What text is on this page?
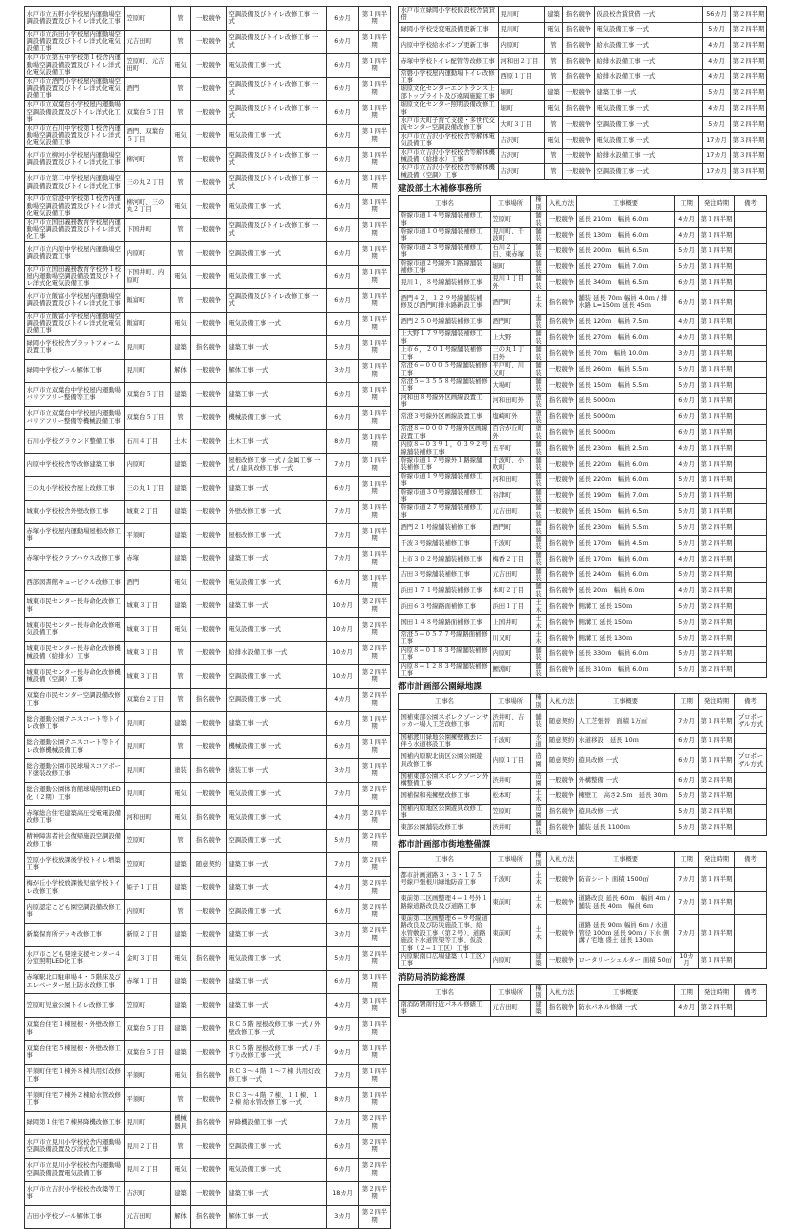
水戸市立五軒小学校屋内運動場空調設備設置及びトイレ洋式化工事	笠原町	管	一般競争	空調設備及びトイレ改修工事 一式	6カ月	第１四半期
水戸市立浜田小学校屋内運動場空調設備設置及びトイレ洋式化電気設備工事	元吉田町	管	一般競争	空調設備及びトイレ改修工事 一式	6カ月	第１四半期
水戸市立第五中学校第１校舎内運動場空調設備設置及びトイレ洋式化電気設備工事	笠原町、元吉田町	電気	一般競争	電気設備工事 一式	6カ月	第１四半期
水戸市立酒門小学校屋内運動場空調設備設置及びトイレ洋式化電気設備工事	酒門	管	一般競争	空調設備及びトイレ改修工事 一式	6カ月	第１四半期
水戸市立双葉台小学校屋内運動場空調設備設置及びトイレ洋式化工事	双葉台５丁目	管	一般競争	空調設備及びトイレ改修工事 一式	6カ月	第１四半期
水戸市立石川中学校第１校舎内運動場空調設備設置及びトイレ洋式化電気設備工事	酒門、双葉台５丁目	電気	一般競争	電気設備工事 一式	6カ月	第１四半期
水戸市立柳河小学校屋内運動場空調設備設置及びトイレ洋式化工事	柳河町	管	一般競争	空調設備及びトイレ改修工事 一式	6カ月	第１四半期
水戸市立第二中学校屋内運動場空調設備設置及びトイレ洋式化工事	三の丸２丁目	管	一般競争	空調設備及びトイレ改修工事 一式	6カ月	第１四半期
水戸市立常澄中学校第１校舎内運動場空調設備設置及びトイレ洋式化電気設備工事	柳河町、三の丸２丁目	電気	一般競争	電気設備工事 一式	6カ月	第１四半期
水戸市立国田義務教育学校屋内運動場空調設備設置及びトイレ洋式化工事	下国井町	管	一般競争	空調設備及びトイレ改修工事 一式	6カ月	第１四半期
水戸市立内原中学校屋内運動場空調設備設置工事	内原町	管	一般競争	空調設備工事 一式	6カ月	第１四半期
水戸市立国田義務教育学校外１校屋内運動場空調設備設置及びトイレ洋式化電気設備工事	下国井町、内原町	電気	一般競争	電気設備工事 一式	6カ月	第１四半期
水戸市立飯富小学校屋内運動場空調設備設置及びトイレ洋式化工事	飯富町	管	一般競争	空調設備及びトイレ改修工事 一式	6カ月	第１四半期
水戸市立飯富小学校屋内運動場空調設備設置及びトイレ洋式化電気設備工事	飯富町	電気	一般競争	電気設備工事 一式	6カ月	第１四半期
緑岡小学校校舎プラットフォーム設置工事	見川町	建築	指名競争	建築工事 一式	5カ月	第１四半期
緑岡中学校プール解体工事	見川町	解体	一般競争	解体工事 一式	3カ月	第１四半期
水戸市立双葉台中学校屋内運動場バリアフリー整備等工事	双葉台５丁目	建築	一般競争	建築工事 一式	6カ月	第１四半期
水戸市立双葉台中学校屋内運動場バリアフリー整備等機械設備工事	双葉台５丁目	管	一般競争	機械設備工事 一式	6カ月	第１四半期
石川小学校グラウンド整備工事	石川４丁目	土木	一般競争	土木工事 一式	8カ月	第１四半期
内原中学校校舎等改修建築工事	内原町	建築	一般競争	屋根改修工事 一式 / 金属工事 一式 / 建具改修工事 一式	7カ月	第１四半期
三の丸小学校校舎屋上改修工事	三の丸１丁目	建築	一般競争	建築工事 一式	6カ月	第１四半期
城東小学校校舎外壁改修工事	城東２丁目	建築	一般競争	外壁改修工事 一式	7カ月	第１四半期
赤塚小学校屋内運動場屋根改修工事	平須町	建築	一般競争	屋根改修工事 一式	7カ月	第１四半期
赤塚中学校クラブハウス改修工事	赤塚	建築	一般競争	建築工事 一式	7カ月	第１四半期
西部図書館キュービクル改修工事	酒門	電気	一般競争	電気設備工事 一式	6カ月	第１四半期
城東市民センター長寿命化改修工事	城東３丁目	建築	一般競争	建築工事 一式	10カ月	第２四半期
城東市民センター長寿命化改修電気設備工事	城東３丁目	電気	一般競争	電気設備工事 一式	10カ月	第２四半期
城東市民センター長寿命化改修機械設備（給排水）工事	城東３丁目	管	一般競争	給排水設備工事 一式	10カ月	第２四半期
城東市民センター長寿命化改修機械設備（空調）工事	城東３丁目	管	一般競争	空調設備工事 一式	10カ月	第２四半期
双葉台市民センター空調設備改修工事	双葉台２丁目	管	指名競争	空調設備工事 一式	4カ月	第２四半期
総合運動公園テニスコート等トイレ改修工事	見川町	建築	一般競争	建築工事 一式	6カ月	第１四半期
総合運動公園テニスコート等トイレ改修機械設備工事	見川町	管	一般競争	機械設備工事 一式	6カ月	第１四半期
総合運動公園市民球場スコアボード塗装改修工事	見川町	塗装	指名競争	塗装工事 一式	3カ月	第１四半期
総合運動公園体育館球場照明LED化（２期）工事	見川町	電気	一般競争	電気設備工事 一式	7カ月	第２四半期
赤塚総合住宅建築高圧受電電設備改修工事	河和田町	電気	指名競争	電気設備工事 一式	4カ月	第２四半期
精神障害者社会復帰施設空調設備改修工事	笠原町	管	指名競争	空調設備工事 一式	5カ月	第２四半期
笠原小学校放課後学校トイレ増築工事	笠原町	建築	随意契約	建築工事 一式	7カ月	第２四半期
梅が丘小学校放課後児童学校トイレ改修工事	姫子１丁目	建築	一般競争	建築工事 一式	4カ月	第２四半期
内原認定こども園空調設備改修工事	内原町	管	一般競争	空調設備工事 一式	6カ月	第２四半期
新葉保育所デッキ改修工事	新原２丁目	建築	一般競争	建築工事 一式	3カ月	第２四半期
水戸市こども発達支援センター４分室照明LED化工事	金町３丁目	電気	指名競争	電気設備工事 一式	5カ月	第２四半期
赤塚駅北口駐車場４・５階床及びエレベーター屋上防水改修工事	赤塚１丁目	建築	一般競争	建築工事 一式	6カ月	第１四半期
笠原町児童公園トイレ改修工事	笠原町	建築	一般競争	建築工事 一式	4カ月	第１四半期
双葉台住宅１棟屋根・外壁改修工事	双葉台５丁目	建築	一般競争	ＲＣ５階 屋根改修工事 一式 / 外壁改修工事 一式	9カ月	第１四半期
双葉台住宅５棟屋根・外壁改修工事	双葉台５丁目	建築	一般競争	ＲＣ５階 屋根改修工事 一式 / 手すり改修工事 一式	9カ月	第１四半期
平須町住宅１棟外８棟共用灯改修工事	平須町	電気	指名競争	ＲＣ３〜４階 １〜７棟 共用灯改修工事 一式	7カ月	第１四半期
平須町住宅７棟外２棟給水管改修工事	平須町	管	一般競争	ＲＣ３〜４階 ７棟、１１棟、１２棟 給水管改修工事 一式	8カ月	第１四半期
緑岡第１住宅７棟昇降機改修工事	見川町	機械器具	指名競争	昇降機設備工事 一式	7カ月	第２四半期
水戸市立見川小学校校舎内運動場空調設備設置及び洋式化工事	見川２丁目	管	一般競争	空調設備工事 一式	6カ月	第２四半期
水戸市立見川小学校校舎内運動場空調設備設置電気設備工事	見川２丁目	電気	一般競争	電気設備工事 一式	6カ月	第２四半期
水戸市立吉沢小学校校舎改築等工事	吉沢町	建築	一般競争	建築工事 一式	18カ月	第２四半期
吉田小学校プール解体工事	元吉田町	解体	指名競争	解体工事 一式	3カ月	第２四半期
水戸市立緑岡小学校仮設校舎賃貸借	見川町	建築	指名競争	仮設校舎賃貸借 一式	56カ月	第２四半期
緑岡小学校受変電設備更新工事	見川町	電気	指名競争	電気設備工事 一式	5カ月	第２四半期
内原中学校給水ポンプ更新工事	内原町	管	指名競争	給水設備工事 一式	4カ月	第２四半期
赤塚中学校トイレ配管等改修工事	河和田２丁目	管	指名競争	給排水設備工事 一式	4カ月	第２四半期
常磐小学校屋内運動場トイレ改修工事	西原１丁目	管	指名競争	給排水設備工事 一式	4カ月	第２四半期
堀原文化センターエントランス上部トップライト及び遠隔施錠工事	堀町	建築	一般競争	建築工事 一式	5カ月	第２四半期
堀原文化センター照明設備改修工事	堀町	電気	指名競争	電気設備工事 一式	4カ月	第２四半期
水戸市大町子育て支援・多世代交流センター空調設備改修工事	大町３丁目	管	一般競争	空調設備工事 一式	5カ月	第２四半期
水戸市立吉沢小学校校舎等解体電気設備工事	吉沢町	電気	一般競争	電気設備工事 一式	17カ月	第３四半期
水戸市立吉沢小学校校舎等解体機械設備（給排水）工事	吉沢町	管	一般競争	給排水設備工事 一式	17カ月	第３四半期
水戸市立吉沢小学校校舎等解体機械設備（空調）工事	吉沢町	管	一般競争	空調設備工事 一式	17カ月	第３四半期
建設部土木補修事務所
工事名	工事場所	種別	入札方法	工事概要	工期	発注時期	備考
幹線市道１４号線舗装補修工事	笠原町	舗装	一般競争	延長 210ｍ　幅員 6.0ｍ	4カ月	第１四半期	
幹線市道１０号線舗装補修工事	見川町、千波町	舗装	一般競争	延長 130ｍ　幅員 6.0ｍ	4カ月	第１四半期	
幹線市道２３号線舗装補修工事	石川２丁目、東赤塚	舗装	一般競争	延長 200ｍ　幅員 6.5ｍ	5カ月	第１四半期	
幹線市道２号線外１路線舗装補修工事	堀町	舗装	一般競争	延長 270ｍ　幅員 7.0ｍ	5カ月	第１四半期	
見川１，８号線舗装補修工事	見川１丁目外	舗装	一般競争	延長 340ｍ　幅員 6.5ｍ	6カ月	第１四半期	
酒門４２，１２９号線舗装補修及び酒門町排水路新設工事	酒門町	土木	指名競争	舗装 延長 70ｍ 幅員 4.0ｍ / 排水路 L=150ｍ 延長 45ｍ	6カ月	第１四半期	
酒門２５０号線舗装補修工事	酒門町	舗装	指名競争	延長 120ｍ　幅員 7.5ｍ	4カ月	第１四半期	
上大野１７９号線舗装補修工事	上大野	舗装	指名競争	延長 270ｍ　幅員 6.0ｍ	4カ月	第１四半期	
上市６，２０１号線舗装補修工事	三の丸１丁目外	舗装	指名競争	延長 70ｍ　幅員 10.0ｍ	3カ月	第１四半期	
常澄６−０００５号線舗装補修工事	平戸町、川又町	舗装	一般競争	延長 260ｍ　幅員 5.5ｍ	5カ月	第１四半期	
常澄５−３５５８号線舗装補修工事	大場町	舗装	一般競争	延長 150ｍ　幅員 5.5ｍ	5カ月	第１四半期	
河和田８号線外区画線設置工事	河和田町外	塗装	指名競争	延長 5000ｍ	6カ月	第１四半期	
常澄３号線外区画線設置工事	塩崎町外	塗装	指名競争	延長 5000ｍ	6カ月	第１四半期	
常澄８−０００７号線外区画線設置工事	百合が丘町外	塗装	指名競争	延長 5000ｍ	6カ月	第１四半期	
内原８−０３９１，０３９２号線舗装補修工事	五平町	舗装	指名競争	延長 230ｍ　幅員 2.5ｍ	4カ月	第１四半期	
幹線市道１７号線外１路線舗装補修工事	千波町、小吹町	舗装	一般競争	延長 220ｍ　幅員 6.0ｍ	4カ月	第１四半期	
幹線市道１９号線舗装補修工事	河和田町	舗装	一般競争	延長 220ｍ　幅員 6.0ｍ	5カ月	第１四半期	
幹線市道３０号線舗装補修工事	谷津町	舗装	一般競争	延長 190ｍ　幅員 7.0ｍ	5カ月	第１四半期	
幹線市道２７号線舗装補修工事	元吉田町	舗装	一般競争	延長 150ｍ　幅員 6.5ｍ	5カ月	第１四半期	
酒門２１号線舗装補修工事	酒門町	舗装	指名競争	延長 230ｍ　幅員 5.5ｍ	5カ月	第２四半期	
千波３号線舗装補修工事	千波町	舗装	指名競争	延長 170ｍ　幅員 4.5ｍ	5カ月	第２四半期	
上市３０２号線舗装補修工事	梅香２丁目	舗装	指名競争	延長 170ｍ　幅員 6.0ｍ	4カ月	第２四半期	
吉田３号線舗装補修工事	元吉田町	舗装	指名競争	延長 240ｍ　幅員 6.0ｍ	5カ月	第２四半期	
浜田１７１号線舗装補修工事	本町２丁目	舗装	指名競争	延長 20ｍ　幅員 6.0ｍ	4カ月	第２四半期	
浜田６３号線路面補修工事	浜田１丁目	土木	指名競争	側溝工 延長 150ｍ	5カ月	第２四半期	
国田１４８号線路面補修工事	上国井町	土木	指名競争	側溝工 延長 150ｍ	5カ月	第２四半期	
常澄５−０５７７号線路面補修工事	川又町	土木	指名競争	側溝工 延長 130ｍ	5カ月	第２四半期	
内原８−０１８３号線舗装補修工事	内原町	舗装	指名競争	延長 330ｍ　幅員 6.0ｍ	5カ月	第２四半期	
内原８−１２８３号線舗装補修工事	鯉淵町	舗装	指名競争	延長 310ｍ　幅員 6.0ｍ	5カ月	第２四半期	
都市計画部公園緑地課
工事名	工事場所	種別	入札方法	工事概要	工期	発注時期	備考
国補東部公園スポレクゾーンサッカー場人工芝改修工事	渋井町、吉沼町	舗装	随意契約	人工芝張替　面積 1万㎡	7カ月	第１四半期	プロポーザル方式
国補渡川緑地公園擁壁撤去に伴う水道移設工事	千波町	水道	随意契約	水道移設　延長 10ｍ	6カ月	第１四半期	
国補内原駅北街区公園公園遊具改修工事	内原１丁目	造園	随意契約	遊具改修 一式	6カ月	第１四半期	プロポーザル方式
国補東部公園スポレクゾーン外構整備工事	渋井町	造園	一般競争	外構整備 一式	6カ月	第２四半期	
国補保和苑擁壁改修工事	松本町	土木	一般競争	擁壁工　高さ2.5ｍ　延長 30ｍ	5カ月	第２四半期	
国補内原地区公園遊具改修工事	笠原町	造園	指名競争	遊具改修 一式	5カ月	第２四半期	
東部公園舗装改修工事	渋井町	舗装	指名競争	舗装 延長 1100ｍ	5カ月	第２四半期	
都市計画部市街地整備課
工事名	工事場所	種別	入札方法	工事概要	工期	発注時期	備考
都市計画道路３・３・１７５号線戸張根川緑地防音工事	千波町	土木	一般競争	防音シート 面積 1500㎡	7カ月	第１四半期	
東前第二区画整理４−１号外１路線道路改良及び道路工事	東前町	土木	一般競争	道路改良 延長 60ｍ　幅員 4ｍ / 舗装 延長 40ｍ　幅員 6ｍ	7カ月	第１四半期	
東前第二区画整理６−９号線道路改良及び防災施設工事、給水管敷設工事（第２号）、道路施設下水道管渠等工事、仮設工事（２−１工区）工事	東前町	土木	一般競争	道路 延長 90ｍ 幅員 6ｍ / 水道 管径 100ｍ 延長 90ｍ / 下水 側溝 / 宅地 盛土 延長 130ｍ	7カ月	第１四半期	
内原駅南口広場建築（１工区）工事	内原町	建築	一般競争	ロータリーシェルター 面積 50㎡	10カ月	第１四半期	
消防局消防総務課
工事名	工事場所	種別	入札方法	工事概要	工期	発注時期	備考
南消防署南付近パネル修繕工事	元吉田町	建築	指名競争	防水パネル修繕 一式	4カ月	第２四半期	
